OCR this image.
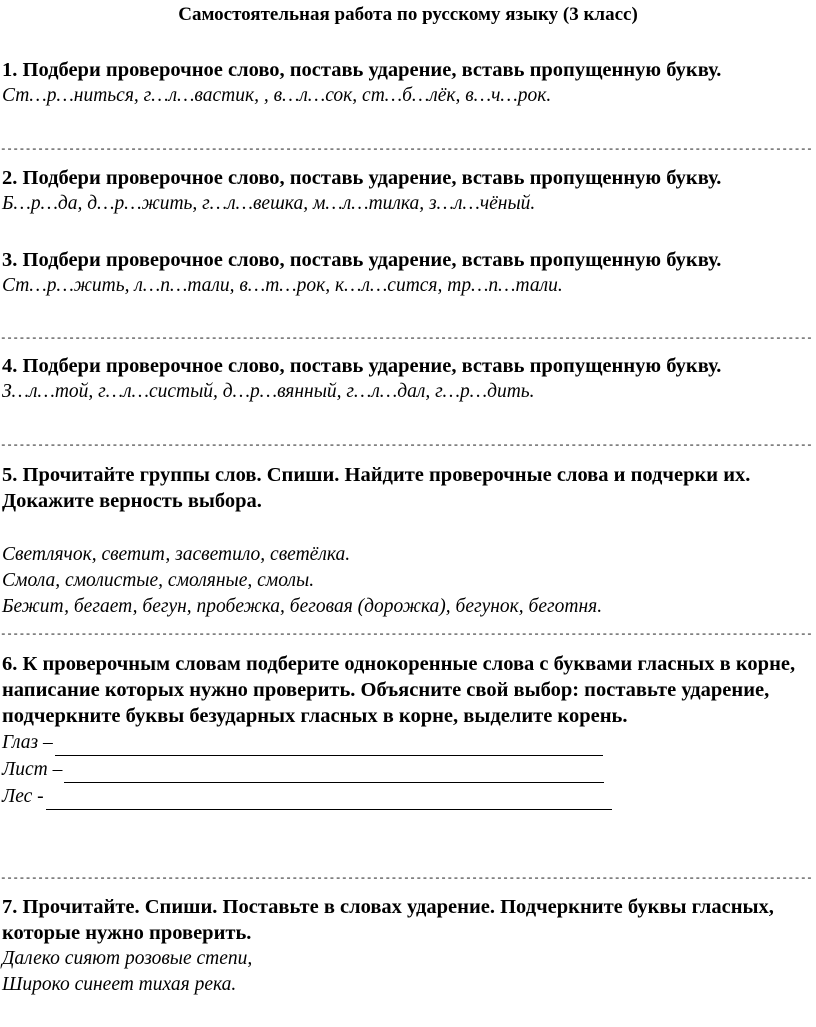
Самостоятельная работа по русскому языку (3 класс)

1. Подбери проверочное слово, поставь ударение, вставь пропущенную букву.

Ст…р…ниться, г…л…вастик, , в…л…сок, ст…б…лёк, в…ч…рок.

-----

2. Подбери проверочное слово, поставь ударение, вставь пропущенную букву.

Б…р…да, д…р…жить, г…л…вешка, м…л…тилка, з…л…чёный.

3. Подбери проверочное слово, поставь ударение, вставь пропущенную букву.

Ст…р…жить, л…п…тали, в…т…рок, к…л…сится, тр…п…тали.

-----

4. Подбери проверочное слово, поставь ударение, вставь пропущенную букву.

З…л…той, г…л…систый, д…р…вянный, г…л…дал, г…р…дить.

-----

5. Прочитайте группы слов. Спиши. Найдите проверочные слова и подчерки их. Докажите верность выбора.

Светлячок, светит, засветило, светёлка.

Смола, смолистые, смоляные, смолы.

Бежит, бегает, бегун, пробежка, беговая (дорожка), бегунок, беготня.

-----

6. К проверочным словам подберите однокоренные слова с буквами гласных в корне, написание которых нужно проверить. Объясните свой выбор: поставьте ударение, подчеркните буквы безударных гласных в корне, выделите корень.

Глаз –
Лист –
Лес -
-----

7. Прочитайте. Спиши. Поставьте в словах ударение. Подчеркните буквы гласных, которые нужно проверить.

Далеко сияют розовые степи,

Широко синеет тихая река.
